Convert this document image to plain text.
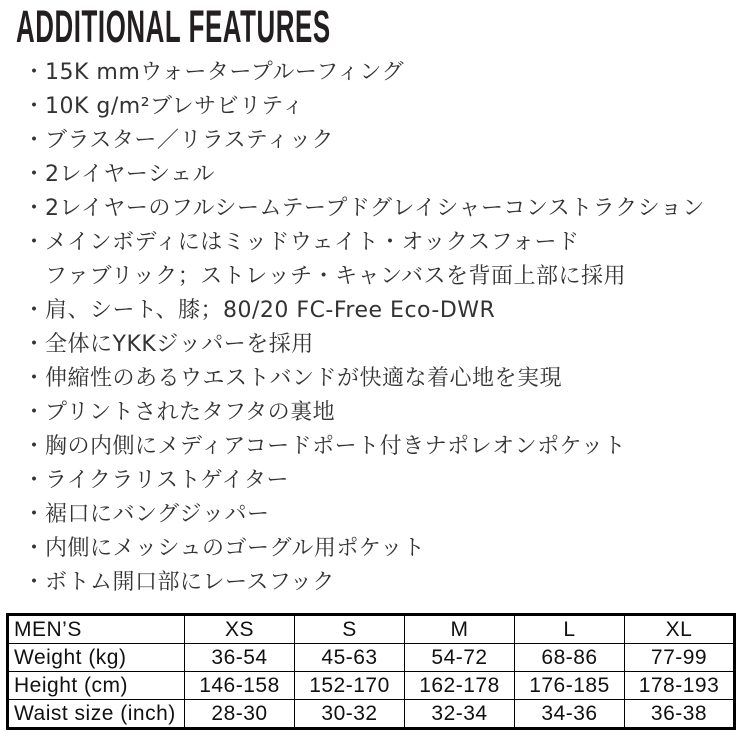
ADDITIONAL FEATURES
・ 15K mmウォータープルーフィング
・ 10K g/m²ブレサビリティ
・ ブラスター／リラスティック
・ 2レイヤーシェル
・ 2レイヤーのフルシームテープドグレイシャーコンストラクション
・ メインボディにはミッドウェイト・オックスフォード
ファブリック；ストレッチ・キャンバスを背面上部に採用
・ 肩、シート、膝；80/20 FC-Free Eco-DWR
・ 全体にYKKジッパーを採用
・ 伸縮性のあるウエストバンドが快適な着心地を実現
・ プリントされたタフタの裏地
・ 胸の内側にメディアコードポート付きナポレオンポケット
・ ライクラリストゲイター
・ 裾口にバングジッパー
・ 内側にメッシュのゴーグル用ポケット
・ ボトム開口部にレースフック
MEN’S	XS	S	M	L	XL
Weight (kg)	36-54	45-63	54-72	68-86	77-99
Height (cm)	146-158	152-170	162-178	176-185	178-193
Waist size (inch)	28-30	30-32	32-34	34-36	36-38
